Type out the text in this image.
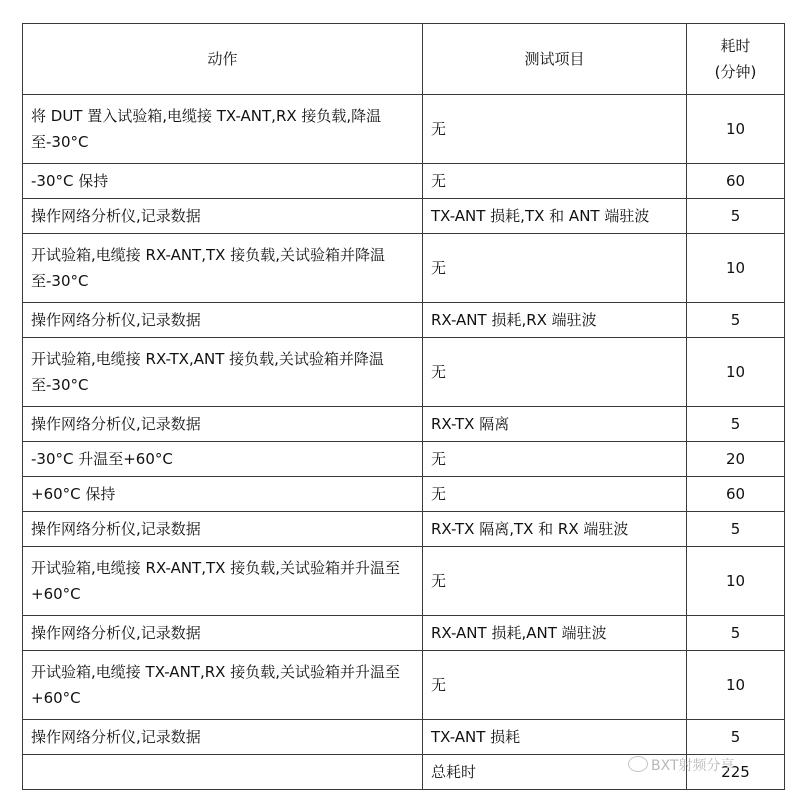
动作	测试项目	耗时
(分钟)
将 DUT 置入试验箱,电缆接 TX-ANT,RX 接负载,降温至-30°C	无	10
-30°C 保持	无	60
操作网络分析仪,记录数据	TX-ANT 损耗,TX 和 ANT 端驻波	5
开试验箱,电缆接 RX-ANT,TX 接负载,关试验箱并降温至-30°C	无	10
操作网络分析仪,记录数据	RX-ANT 损耗,RX 端驻波	5
开试验箱,电缆接 RX-TX,ANT 接负载,关试验箱并降温至-30°C	无	10
操作网络分析仪,记录数据	RX-TX 隔离	5
-30°C 升温至+60°C	无	20
+60°C 保持	无	60
操作网络分析仪,记录数据	RX-TX 隔离,TX 和 RX 端驻波	5
开试验箱,电缆接 RX-ANT,TX 接负载,关试验箱并升温至+60°C	无	10
操作网络分析仪,记录数据	RX-ANT 损耗,ANT 端驻波	5
开试验箱,电缆接 TX-ANT,RX 接负载,关试验箱并升温至+60°C	无	10
操作网络分析仪,记录数据	TX-ANT 损耗	5
	总耗时	225
BXT射频分享
